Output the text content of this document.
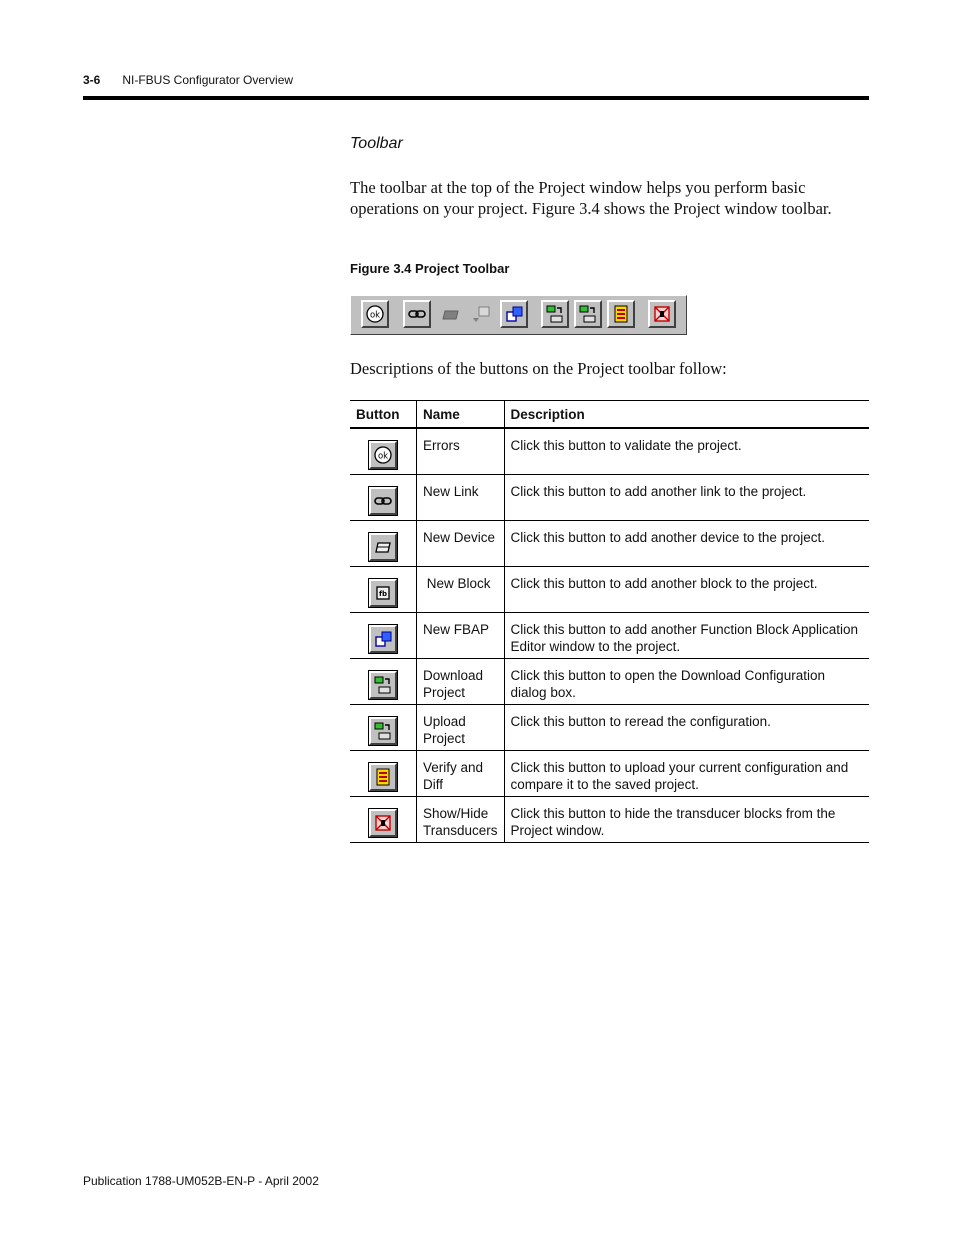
3-6 NI-FBUS Configurator Overview
Toolbar
The toolbar at the top of the Project window helps you perform basic operations on your project. Figure 3.4 shows the Project window toolbar.
Figure 3.4 Project Toolbar
ok
Descriptions of the buttons on the Project toolbar follow:
Button	Name	Description

ok	Errors	Click this button to validate the project.

	New Link	Click this button to add another link to the project.

	New Device	Click this button to add another device to the project.

fb	New Block	Click this button to add another block to the project.

	New FBAP	Click this button to add another Function Block Application Editor window to the project.

	Download Project	Click this button to open the Download Configuration dialog box.

	Upload Project	Click this button to reread the configuration.

	Verify and Diff	Click this button to upload your current configuration and compare it to the saved project.

	Show/Hide Transducers	Click this button to hide the transducer blocks from the Project window.
Publication 1788-UM052B-EN-P - April 2002
